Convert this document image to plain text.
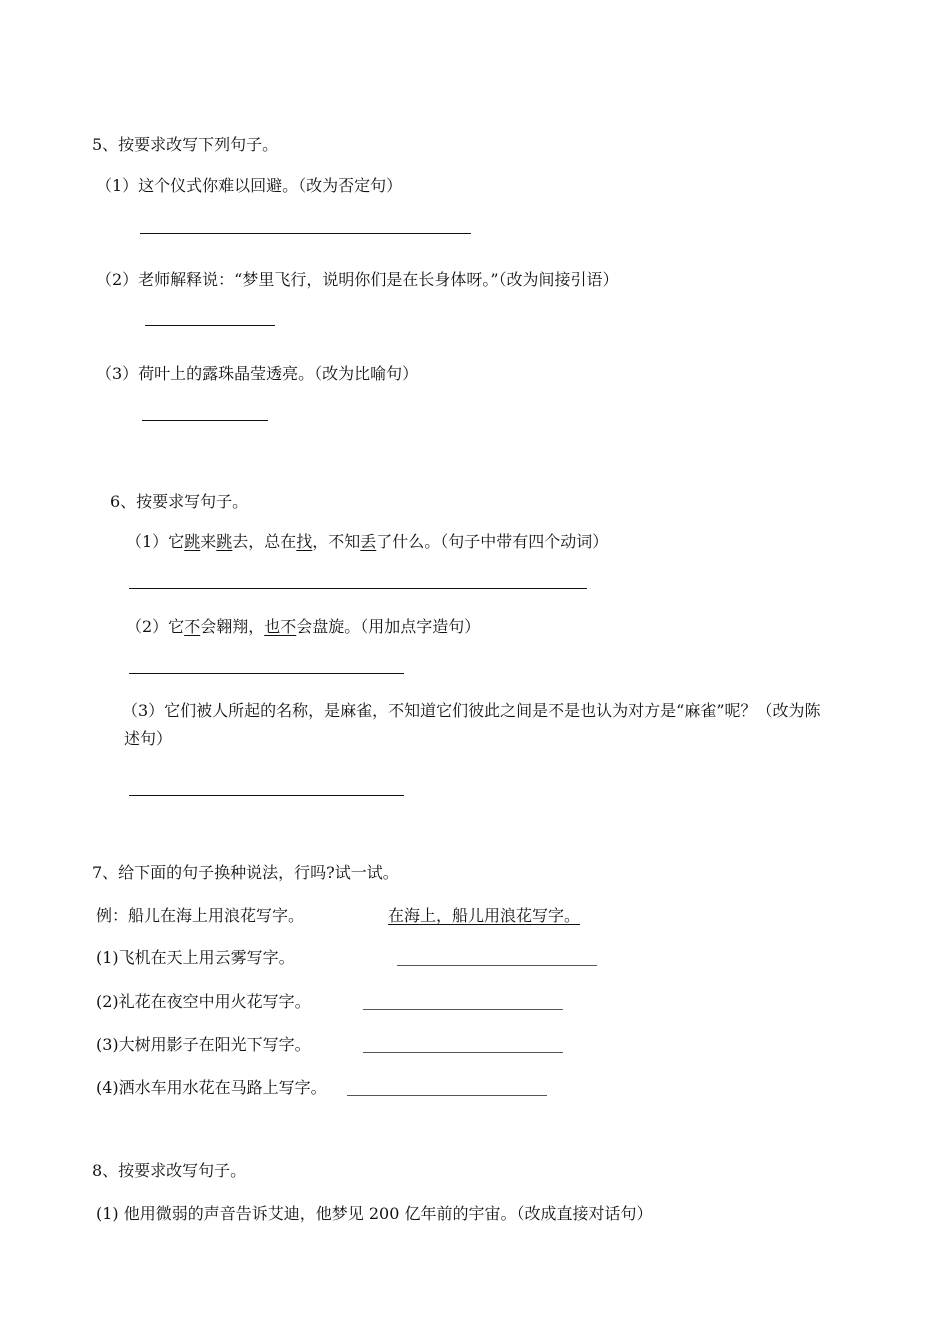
5、按要求改写下列句子。
（1）这个仪式你难以回避。（改为否定句）
（2）老师解释说：“梦里飞行，说明你们是在长身体呀。”（改为间接引语）
（3）荷叶上的露珠晶莹透亮。（改为比喻句）
6、按要求写句子。
（1）它跳来跳去，总在找，不知丢了什么。（句子中带有四个动词）
（2）它不会翱翔，也不会盘旋。（用加点字造句）
（3）它们被人所起的名称，是麻雀，不知道它们彼此之间是不是也认为对方是“麻雀”呢？（改为陈
述句）
7、给下面的句子换种说法，行吗?试一试。
例：船儿在海上用浪花写字。	在海上，船儿用浪花写字。
(1)飞机在天上用云雾写字。
(2)礼花在夜空中用火花写字。
(3)大树用影子在阳光下写字。
(4)洒水车用水花在马路上写字。
8、按要求改写句子。
(1) 他用微弱的声音告诉艾迪，他梦见 200 亿年前的宇宙。（改成直接对话句）
